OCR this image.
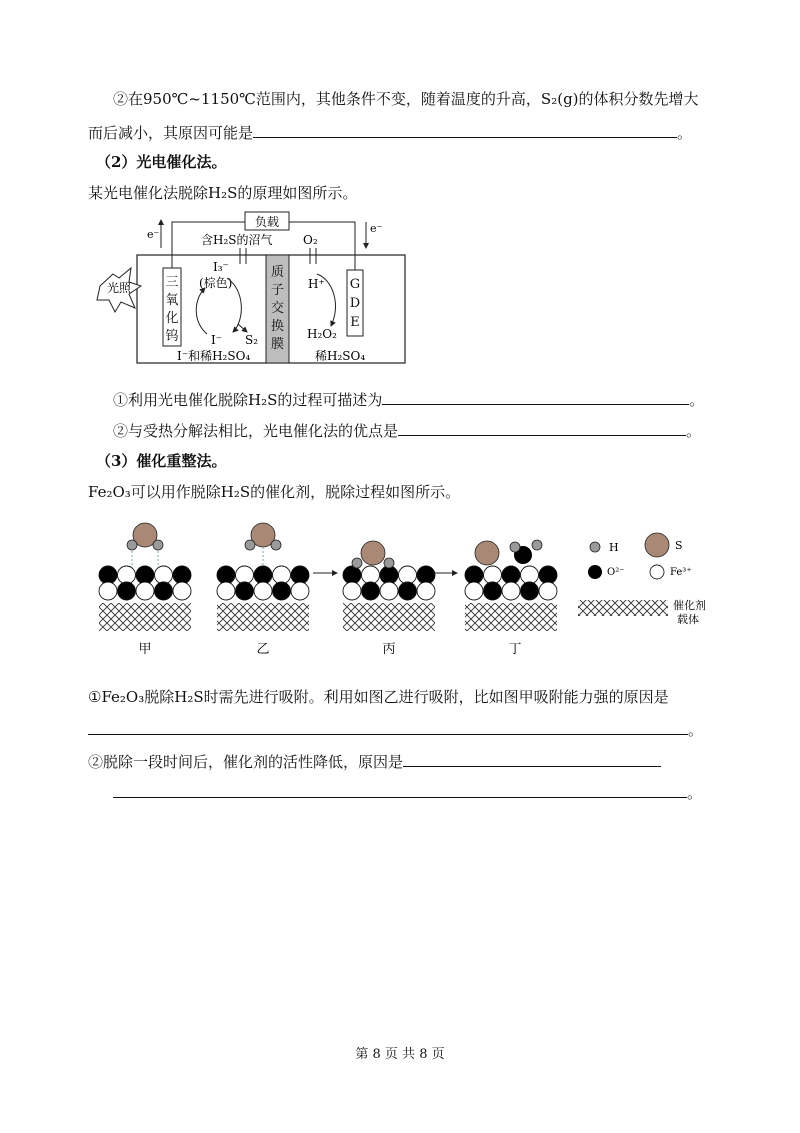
②在950℃~1150℃范围内，其他条件不变，随着温度的升高，S₂(g)的体积分数先增大
而后减小，其原因可能是	。
（2）光电催化法。
某光电催化法脱除H₂S的原理如图所示。
质
子
交
换
膜
三
氧
化
钨
G
D
E
负载
e⁻	e⁻
含H₂S的沼气	O₂
光照
I₃⁻
(棕色)
I⁻ S₂
I⁻和稀H₂SO₄
H⁺
H₂O₂
稀H₂SO₄
①利用光电催化脱除H₂S的过程可描述为	。
②与受热分解法相比，光电催化法的优点是	。
（3）催化重整法。
Fe₂O₃可以用作脱除H₂S的催化剂，脱除过程如图所示。
甲	乙	丙	丁
H	S
O²⁻	Fe³⁺
催化剂
载体
①Fe₂O₃脱除H₂S时需先进行吸附。利用如图乙进行吸附，比如图甲吸附能力强的原因是
。
②脱除一段时间后，催化剂的活性降低，原因是
。
第 8 页 共 8 页
